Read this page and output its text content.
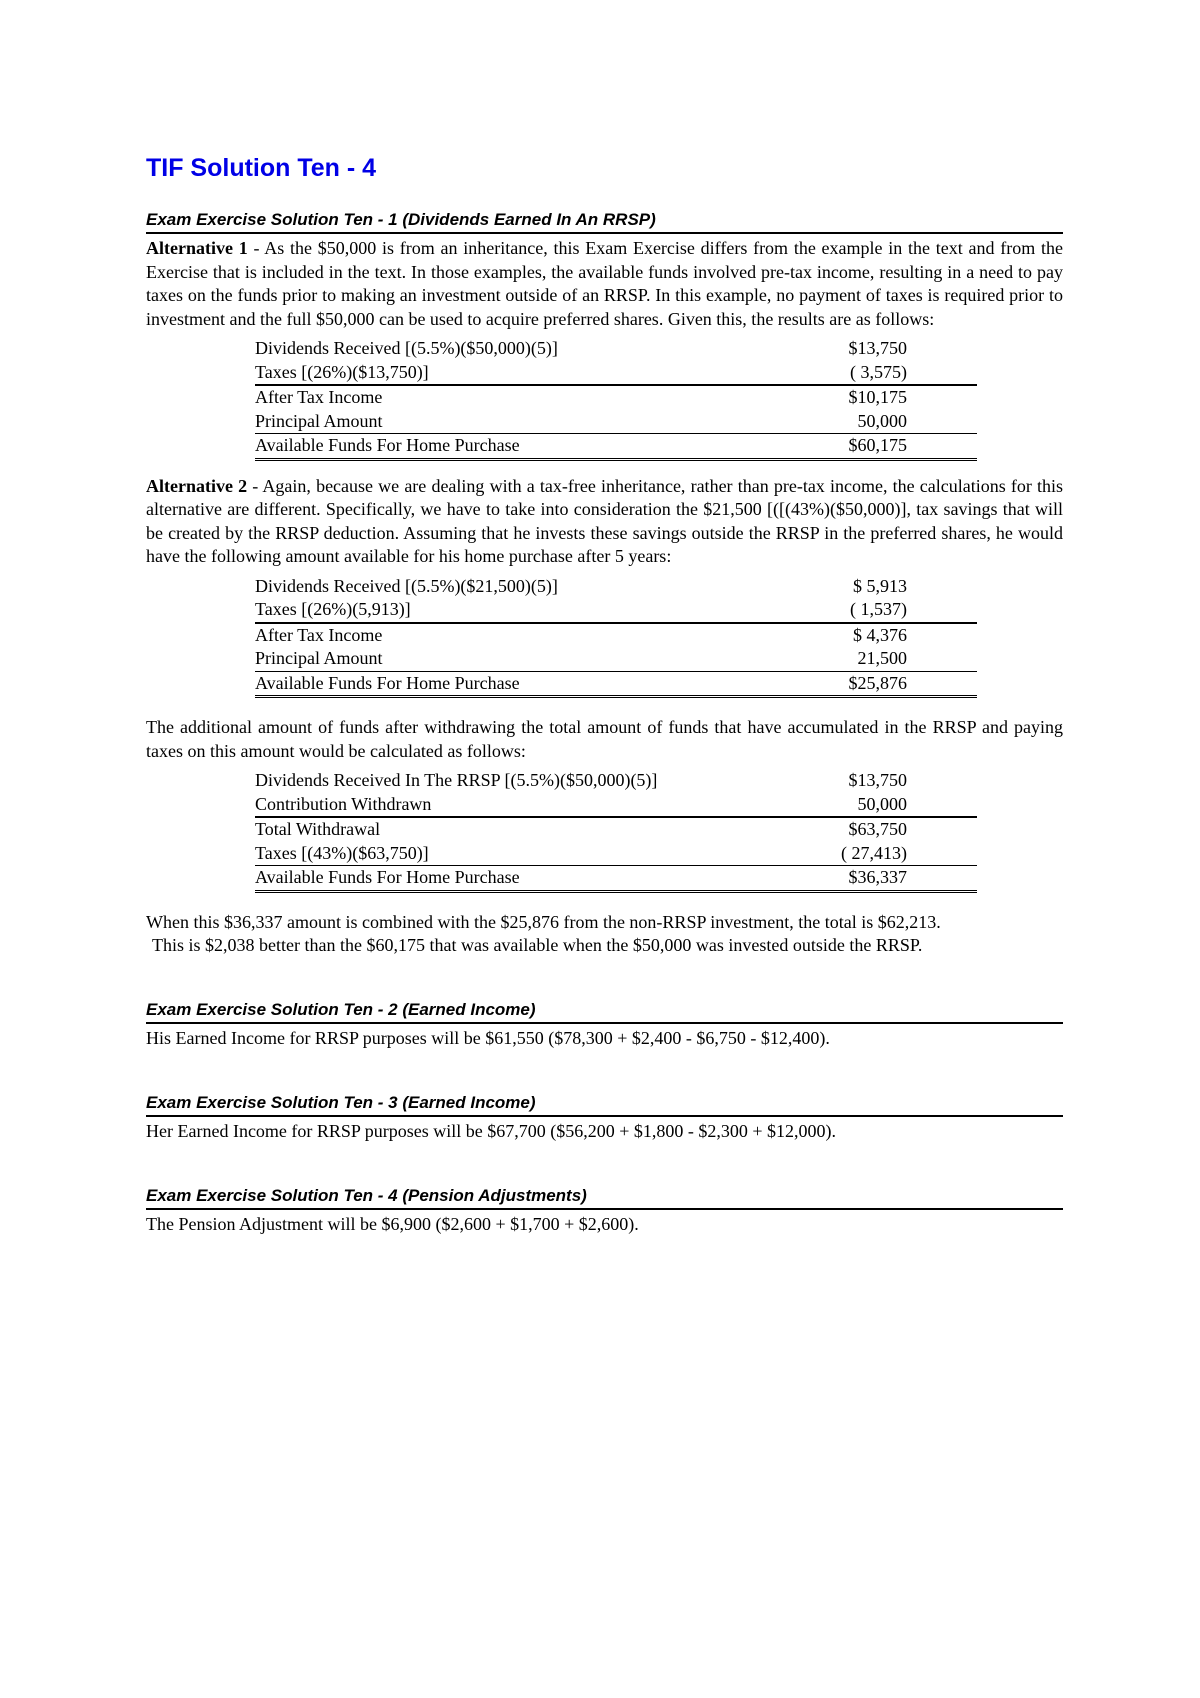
TIF Solution Ten - 4
Exam Exercise Solution Ten - 1 (Dividends Earned In An RRSP)

Alternative 1 - As the $50,000 is from an inheritance, this Exam Exercise differs from the example in the text and from the Exercise that is included in the text. In those examples, the available funds involved pre-tax income, resulting in a need to pay taxes on the funds prior to making an investment outside of an RRSP. In this example, no payment of taxes is required prior to investment and the full $50,000 can be used to acquire preferred shares. Given this, the results are as follows:

Dividends Received [(5.5%)($50,000)(5)]	$13,750
Taxes [(26%)($13,750)]	( 3,575)
After Tax Income	$10,175
Principal Amount	50,000
Available Funds For Home Purchase	$60,175

Alternative 2 - Again, because we are dealing with a tax-free inheritance, rather than pre-tax income, the calculations for this alternative are different. Specifically, we have to take into consideration the $21,500 [([(43%)($50,000)], tax savings that will be created by the RRSP deduction. Assuming that he invests these savings outside the RRSP in the preferred shares, he would have the following amount available for his home purchase after 5 years:

Dividends Received [(5.5%)($21,500)(5)]	$ 5,913
Taxes [(26%)(5,913)]	( 1,537)
After Tax Income	$ 4,376
Principal Amount	21,500
Available Funds For Home Purchase	$25,876

The additional amount of funds after withdrawing the total amount of funds that have accumulated in the RRSP and paying taxes on this amount would be calculated as follows:

Dividends Received In The RRSP [(5.5%)($50,000)(5)]	$13,750
Contribution Withdrawn	50,000
Total Withdrawal	$63,750
Taxes [(43%)($63,750)]	( 27,413)
Available Funds For Home Purchase	$36,337

When this $36,337 amount is combined with the $25,876 from the non-RRSP investment, the total is $62,213.

This is $2,038 better than the $60,175 that was available when the $50,000 was invested outside the RRSP.

Exam Exercise Solution Ten - 2 (Earned Income)

His Earned Income for RRSP purposes will be $61,550 ($78,300 + $2,400 - $6,750 - $12,400).

Exam Exercise Solution Ten - 3 (Earned Income)

Her Earned Income for RRSP purposes will be $67,700 ($56,200 + $1,800 - $2,300 + $12,000).

Exam Exercise Solution Ten - 4 (Pension Adjustments)

The Pension Adjustment will be $6,900 ($2,600 + $1,700 + $2,600).
